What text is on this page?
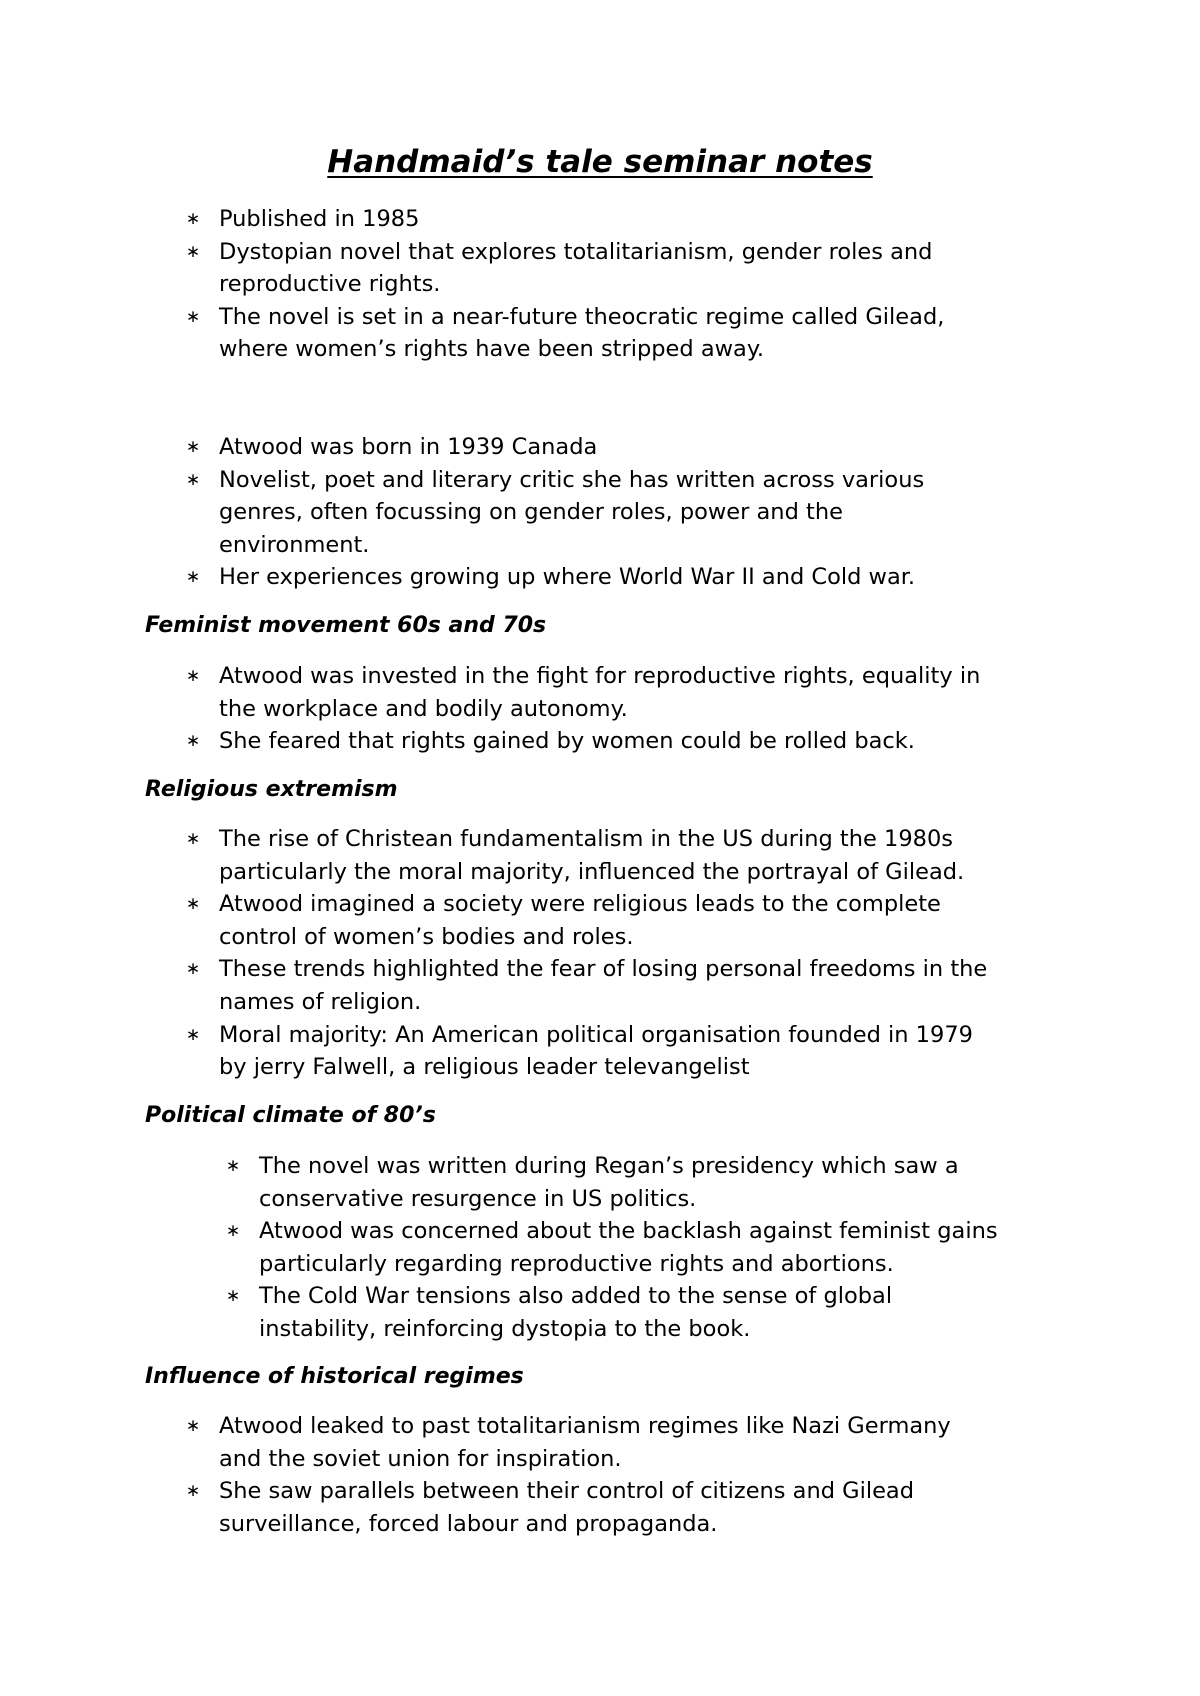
Handmaid’s tale seminar notes
∗ Published in 1985
∗ Dystopian novel that explores totalitarianism, gender roles and
reproductive rights.
∗ The novel is set in a near-future theocratic regime called Gilead,
where women’s rights have been stripped away.
∗ Atwood was born in 1939 Canada
∗ Novelist, poet and literary critic she has written across various
genres, often focussing on gender roles, power and the
environment.
∗ Her experiences growing up where World War II and Cold war.
Feminist movement 60s and 70s
∗ Atwood was invested in the fight for reproductive rights, equality in
the workplace and bodily autonomy.
∗ She feared that rights gained by women could be rolled back.
Religious extremism
∗ The rise of Christean fundamentalism in the US during the 1980s
particularly the moral majority, influenced the portrayal of Gilead.
∗ Atwood imagined a society were religious leads to the complete
control of women’s bodies and roles.
∗ These trends highlighted the fear of losing personal freedoms in the
names of religion.
∗ Moral majority: An American political organisation founded in 1979
by jerry Falwell, a religious leader televangelist
Political climate of 80’s
∗ The novel was written during Regan’s presidency which saw a
conservative resurgence in US politics.
∗ Atwood was concerned about the backlash against feminist gains
particularly regarding reproductive rights and abortions.
∗ The Cold War tensions also added to the sense of global
instability, reinforcing dystopia to the book.
Influence of historical regimes
∗ Atwood leaked to past totalitarianism regimes like Nazi Germany
and the soviet union for inspiration.
∗ She saw parallels between their control of citizens and Gilead
surveillance, forced labour and propaganda.
